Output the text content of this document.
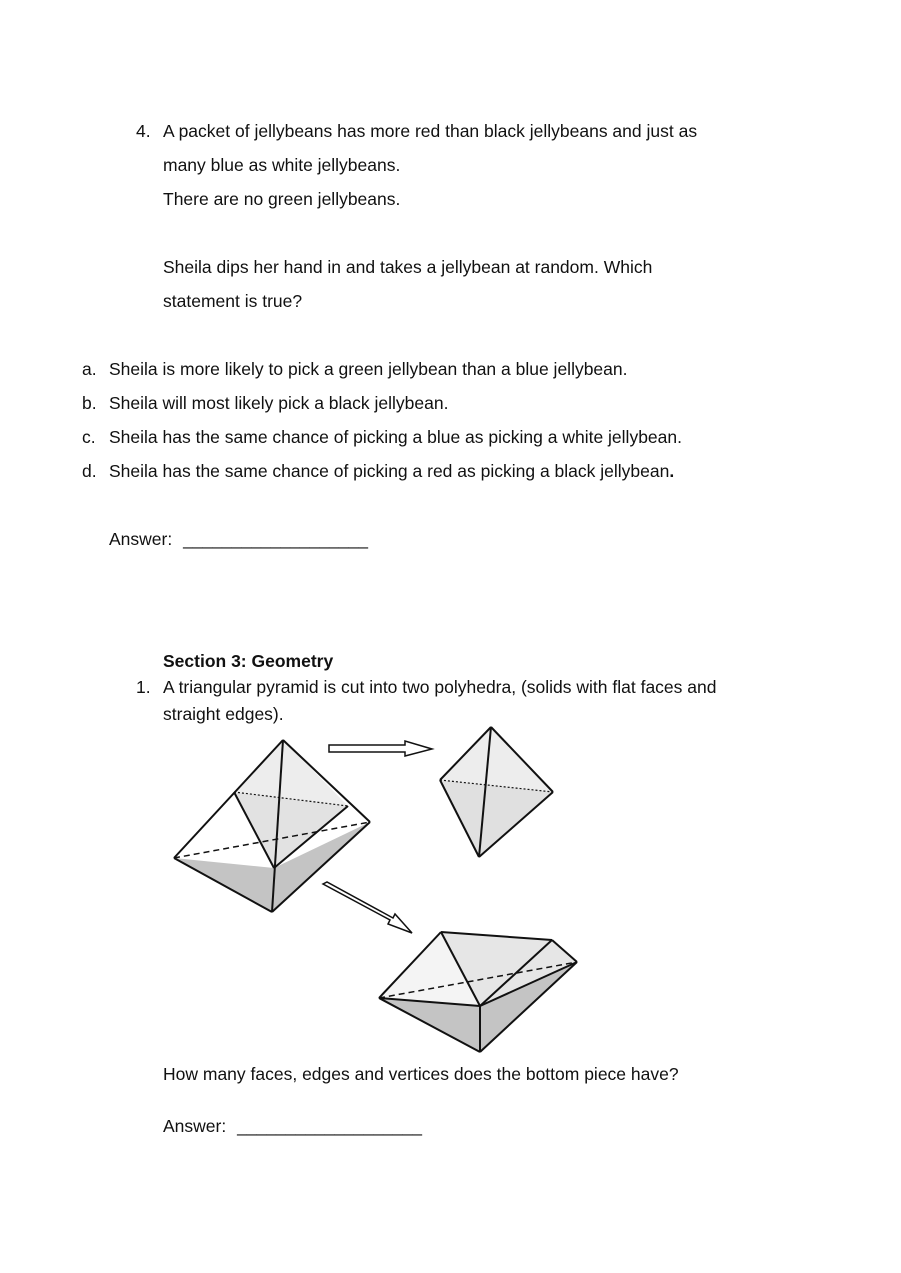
4. A packet of jellybeans has more red than black jellybeans and just as
many blue as white jellybeans.
There are no green jellybeans.
Sheila dips her hand in and takes a jellybean at random. Which
statement is true?
a. Sheila is more likely to pick a green jellybean than a blue jellybean.
b. Sheila will most likely pick a black jellybean.
c. Sheila has the same chance of picking a blue as picking a white jellybean.
d. Sheila has the same chance of picking a red as picking a black jellybean.
Answer: ___________________
Section 3: Geometry
1. A triangular pyramid is cut into two polyhedra, (solids with flat faces and
straight edges).
How many faces, edges and vertices does the bottom piece have?
Answer: ___________________
